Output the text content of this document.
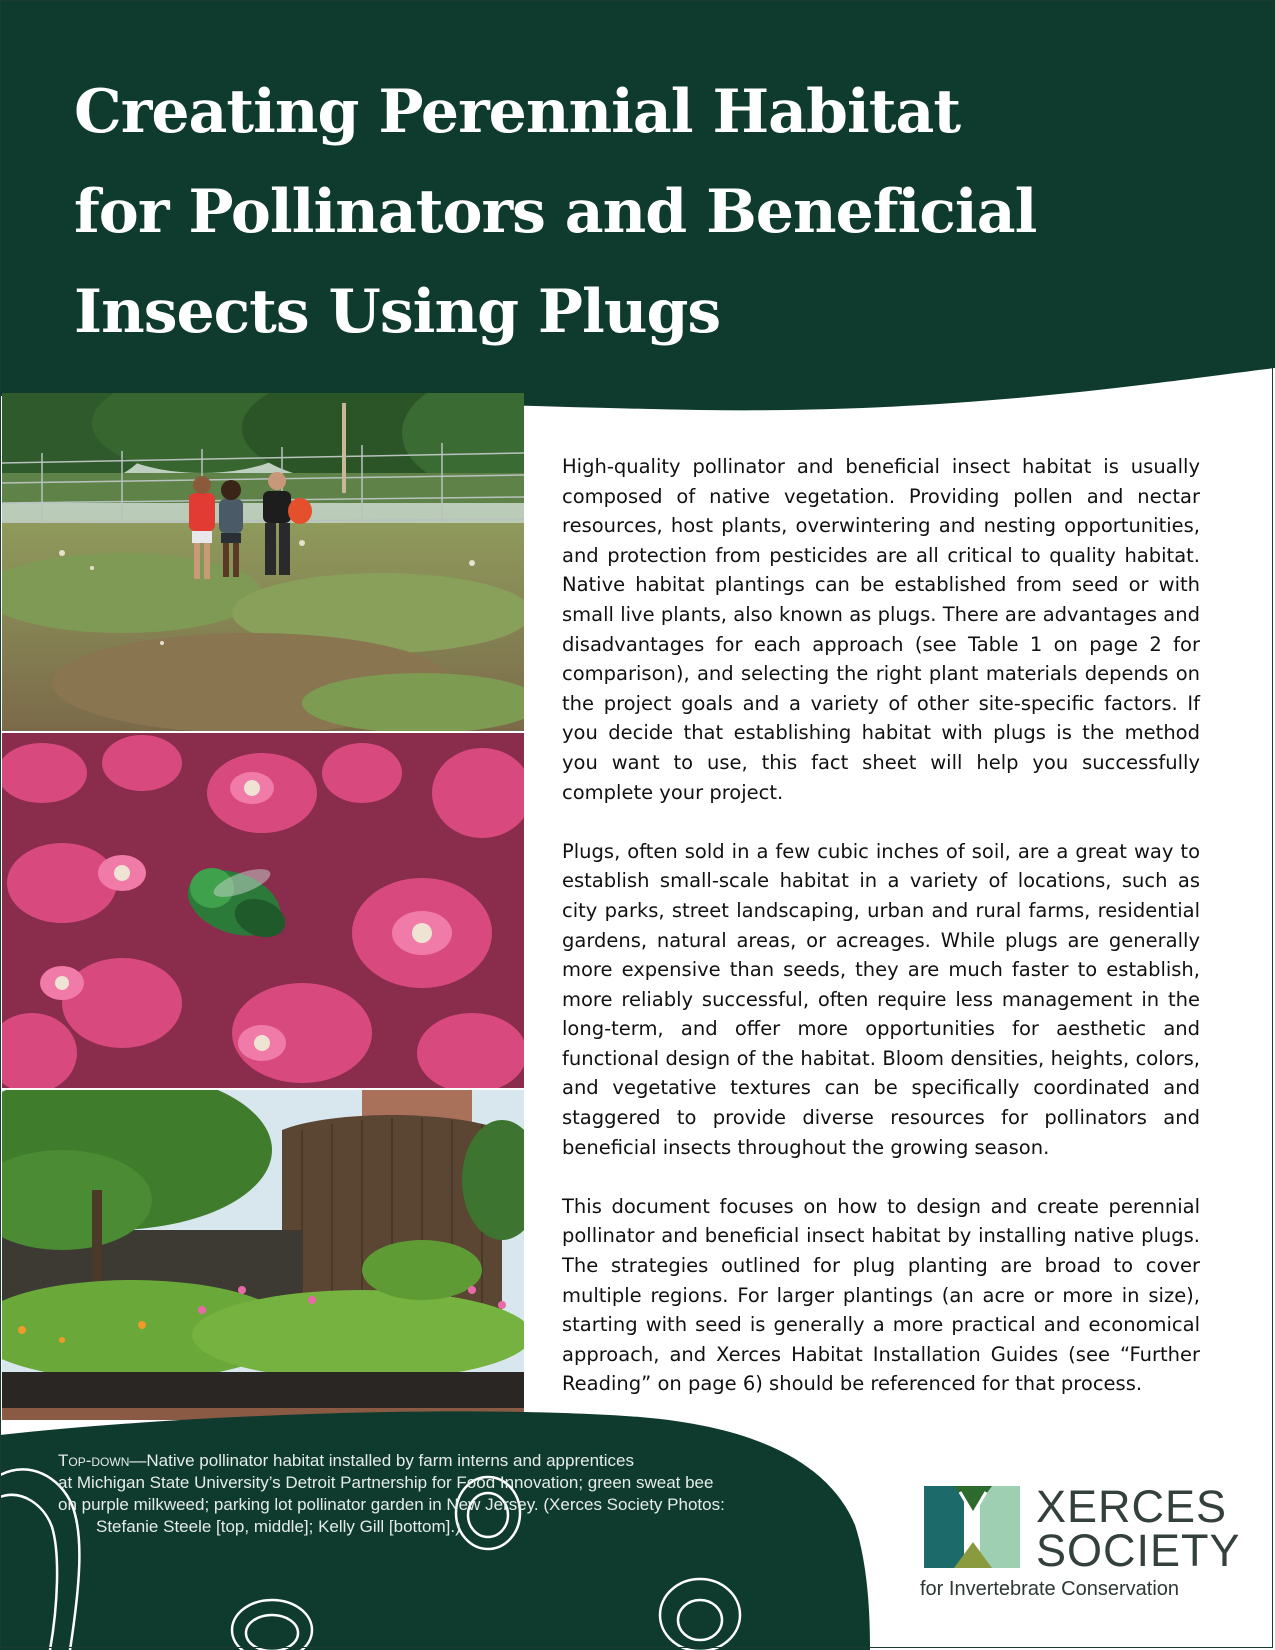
Creating Perennial Habitat
for Pollinators and Beneficial
Insects Using Plugs

High-quality pollinator and beneficial insect habitat is usually composed of native vegetation. Providing pollen and nectar resources, host plants, overwintering and nesting opportunities, and protection from pesticides are all critical to quality habitat. Native habitat plantings can be established from seed or with small live plants, also known as plugs. There are advantages and disadvantages for each approach (see Table 1 on page 2 for comparison), and selecting the right plant materials depends on the project goals and a variety of other site-specific factors. If you decide that establishing habitat with plugs is the method you want to use, this fact sheet will help you successfully complete your project.

Plugs, often sold in a few cubic inches of soil, are a great way to establish small-scale habitat in a variety of locations, such as city parks, street landscaping, urban and rural farms, residential gardens, natural areas, or acreages. While plugs are generally more expensive than seeds, they are much faster to establish, more reliably successful, often require less management in the long-term, and offer more opportunities for aesthetic and functional design of the habitat. Bloom densities, heights, colors, and vegetative textures can be specifically coordinated and staggered to provide diverse resources for pollinators and beneficial insects throughout the growing season.

This document focuses on how to design and create perennial pollinator and beneficial insect habitat by installing native plugs. The strategies outlined for plug planting are broad to cover multiple regions. For larger plantings (an acre or more in size), starting with seed is generally a more practical and economical approach, and Xerces Habitat Installation Guides (see “Further Reading” on page 6) should be referenced for that process.

Top-down—Native pollinator habitat installed by farm interns and apprentices
at Michigan State University’s Detroit Partnership for Food Innovation; green sweat bee
on purple milkweed; parking lot pollinator garden in New Jersey. (Xerces Society Photos:
Stefanie Steele [top, middle]; Kelly Gill [bottom].)	XERCES
SOCIETY
for Invertebrate Conservation
